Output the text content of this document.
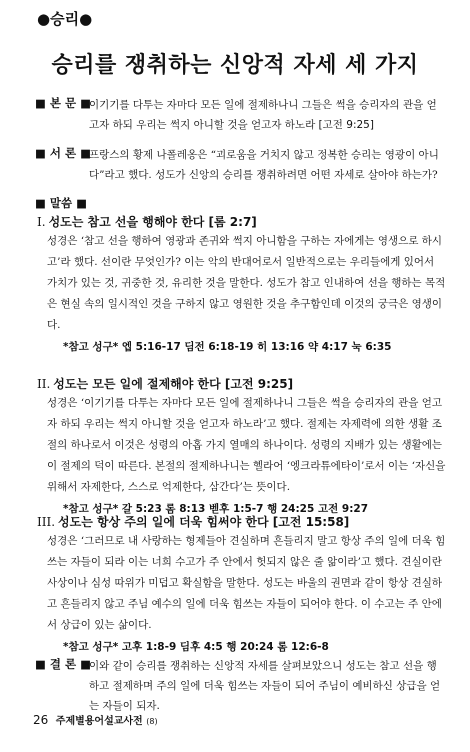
●승리●
승리를 쟁취하는 신앙적 자세 세 가지
■ 본 문 ■
이기기를 다투는 자마다 모든 일에 절제하나니 그들은 썩을 승리자의 관을 얻고자 하되 우리는 썩지 아니할 것을 얻고자 하노라 [고전 9:25]
■ 서 론 ■
프랑스의 황제 나폴레옹은 “괴로움을 거치지 않고 정복한 승리는 영광이 아니다”라고 했다. 성도가 신앙의 승리를 쟁취하려면 어떤 자세로 살아야 하는가?
■ 말씀 ■
I. 성도는 참고 선을 행해야 한다 [롬 2:7]
성경은 ‘참고 선을 행하여 영광과 존귀와 썩지 아니함을 구하는 자에게는 영생으로 하시고’라 했다. 선이란 무엇인가? 이는 악의 반대어로서 일반적으로는 우리들에게 있어서 가치가 있는 것, 귀중한 것, 유리한 것을 말한다. 성도가 참고 인내하여 선을 행하는 목적은 현실 속의 일시적인 것을 구하지 않고 영원한 것을 추구함인데 이것의 궁극은 영생이다.
*참고 성구* 엡 5:16-17 딤전 6:18-19 히 13:16 약 4:17 눅 6:35
II. 성도는 모든 일에 절제해야 한다 [고전 9:25]
성경은 ‘이기기를 다투는 자마다 모든 일에 절제하나니 그들은 썩을 승리자의 관을 얻고자 하되 우리는 썩지 아니할 것을 얻고자 하노라’고 했다. 절제는 자제력에 의한 생활 조절의 하나로서 이것은 성령의 아홉 가지 열매의 하나이다. 성령의 지배가 있는 생활에는 이 절제의 덕이 따른다. 본절의 절제하나니는 헬라어 ‘엥크라튜에타이’로서 이는 ‘자신을 위해서 자제한다, 스스로 억제한다, 삼간다’는 뜻이다.
*참고 성구* 갈 5:23 롬 8:13 벧후 1:5-7 행 24:25 고전 9:27
III. 성도는 항상 주의 일에 더욱 힘써야 한다 [고전 15:58]
성경은 ‘그러므로 내 사랑하는 형제들아 견실하며 흔들리지 말고 항상 주의 일에 더욱 힘쓰는 자들이 되라 이는 너희 수고가 주 안에서 헛되지 않은 줄 앎이라’고 했다. 견실이란 사상이나 심성 따위가 미덥고 확실함을 말한다. 성도는 바울의 권면과 같이 항상 견실하고 흔들리지 않고 주님 예수의 일에 더욱 힘쓰는 자들이 되어야 한다. 이 수고는 주 안에서 상급이 있는 삶이다.
*참고 성구* 고후 1:8-9 딤후 4:5 행 20:24 롬 12:6-8
■ 결 론 ■
이와 같이 승리를 쟁취하는 신앙적 자세를 살펴보았으니 성도는 참고 선을 행하고 절제하며 주의 일에 더욱 힘쓰는 자들이 되어 주님이 예비하신 상급을 얻는 자들이 되자.
26 주제별용어설교사전 (8)
